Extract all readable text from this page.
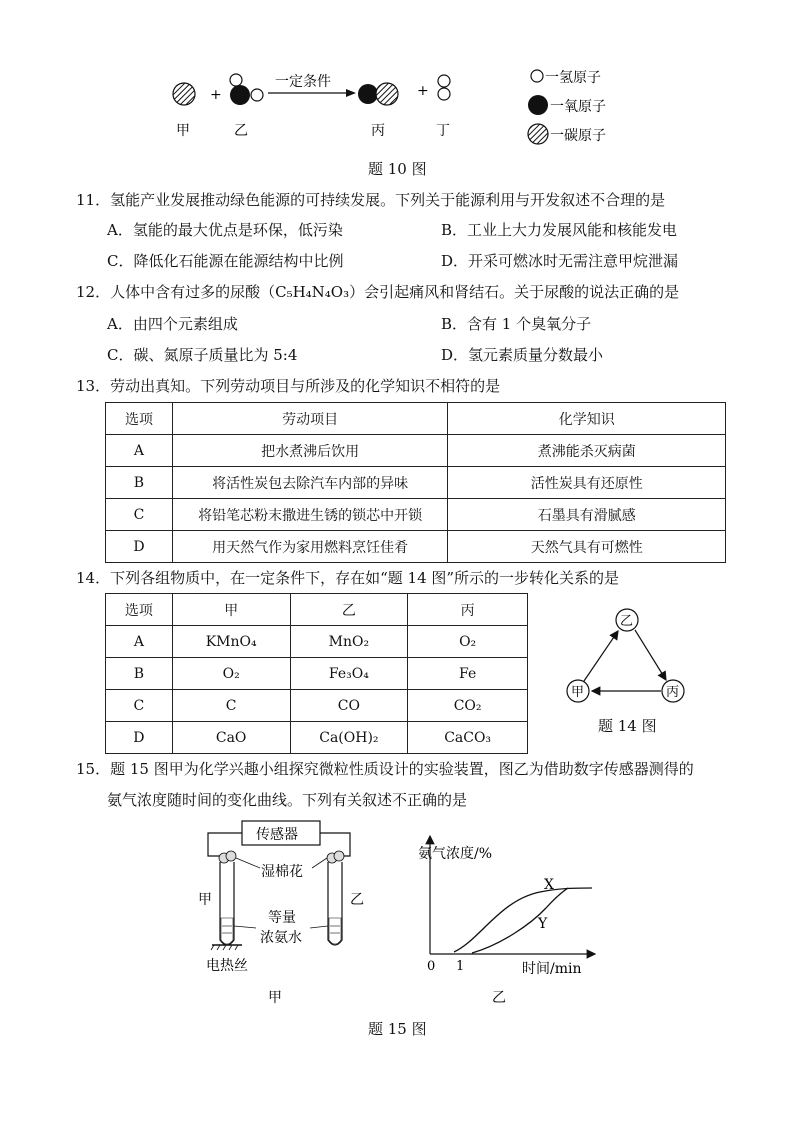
+
一定条件
+
甲	乙	丙	丁
一氢原子
一氧原子
一碳原子
题 10 图
11．氢能产业发展推动绿色能源的可持续发展。下列关于能源利用与开发叙述不合理的是
A．氢能的最大优点是环保，低污染	B．工业上大力发展风能和核能发电
C．降低化石能源在能源结构中比例	D．开采可燃冰时无需注意甲烷泄漏
12．人体中含有过多的尿酸（C₅H₄N₄O₃）会引起痛风和肾结石。关于尿酸的说法正确的是
A．由四个元素组成	B．含有 1 个臭氧分子
C．碳、氮原子质量比为 5:4	D．氢元素质量分数最小
13．劳动出真知。下列劳动项目与所涉及的化学知识不相符的是
选项	劳动项目	化学知识
A	把水煮沸后饮用	煮沸能杀灭病菌
B	将活性炭包去除汽车内部的异味	活性炭具有还原性
C	将铅笔芯粉末撒进生锈的锁芯中开锁	石墨具有滑腻感
D	用天然气作为家用燃料烹饪佳肴	天然气具有可燃性
14．下列各组物质中，在一定条件下，存在如“题 14 图”所示的一步转化关系的是
选项	甲	乙	丙
A	KMnO₄	MnO₂	O₂
B	O₂	Fe₃O₄	Fe
C	C	CO	CO₂
D	CaO	Ca(OH)₂	CaCO₃
乙
甲	丙
题 14 图
15．题 15 图甲为化学兴趣小组探究微粒性质设计的实验装置，图乙为借助数字传感器测得的
氨气浓度随时间的变化曲线。下列有关叙述不正确的是
传感器
湿棉花
甲	乙
等量
浓氨水
电热丝
甲
氨气浓度/%
时间/min
0 1
X
Y
乙
题 15 图
